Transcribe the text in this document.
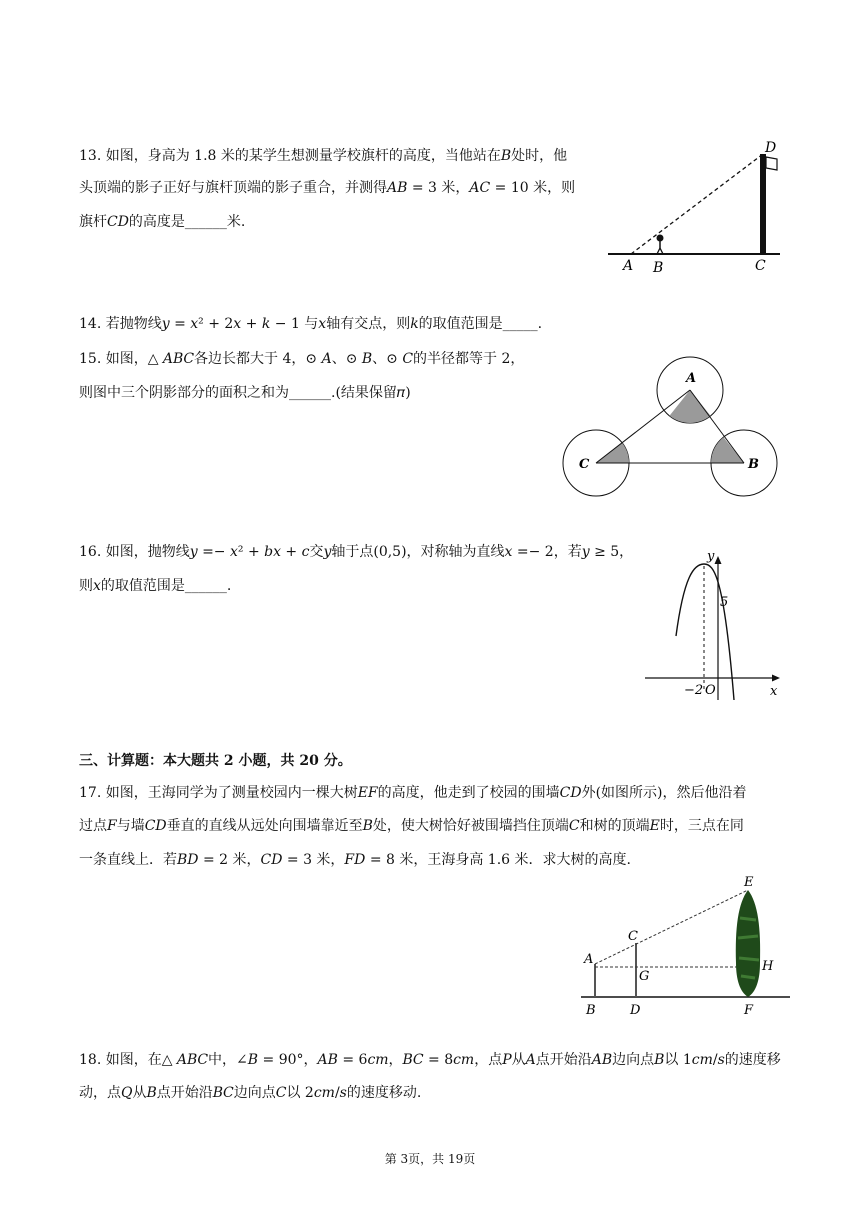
13. 如图，身高为 1.8 米的某学生想测量学校旗杆的高度，当他站在𝐵处时，他
头顶端的影子正好与旗杆顶端的影子重合，并测得𝐴𝐵 = 3 米，𝐴𝐶 = 10 米，则
旗杆𝐶𝐷的高度是______米.
A B	C
D
14. 若抛物线𝑦 = 𝑥² + 2𝑥 + 𝑘 − 1 与𝑥轴有交点，则𝑘的取值范围是_____.
15. 如图，△ 𝐴𝐵𝐶各边长都大于 4，⊙ 𝐴、⊙ 𝐵、⊙ 𝐶的半径都等于 2，
则图中三个阴影部分的面积之和为______.(结果保留𝜋)
A
C	B
16. 如图，抛物线𝑦 =− 𝑥² + 𝑏𝑥 + 𝑐交𝑦轴于点(0,5)，对称轴为直线𝑥 =− 2，若𝑦 ≥ 5，
则𝑥的取值范围是______.
y
x
5
−2 O
三、计算题：本大题共 2 小题，共 20 分。
17. 如图，王海同学为了测量校园内一棵大树𝐸𝐹的高度，他走到了校园的围墙𝐶𝐷外(如图所示)，然后他沿着
过点𝐹与墙𝐶𝐷垂直的直线从远处向围墙靠近至𝐵处，使大树恰好被围墙挡住顶端𝐶和树的顶端𝐸时，三点在同
一条直线上．若𝐵𝐷 = 2 米，𝐶𝐷 = 3 米，𝐹𝐷 = 8 米，王海身高 1.6 米．求大树的高度.
E
C
A
G
H
B	D	F
18. 如图，在△ 𝐴𝐵𝐶中，∠𝐵 = 90°，𝐴𝐵 = 6𝑐𝑚，𝐵𝐶 = 8𝑐𝑚，点𝑃从𝐴点开始沿𝐴𝐵边向点𝐵以 1𝑐𝑚/𝑠的速度移
动，点𝑄从𝐵点开始沿𝐵𝐶边向点𝐶以 2𝑐𝑚/𝑠的速度移动.
第 3页，共 19页
